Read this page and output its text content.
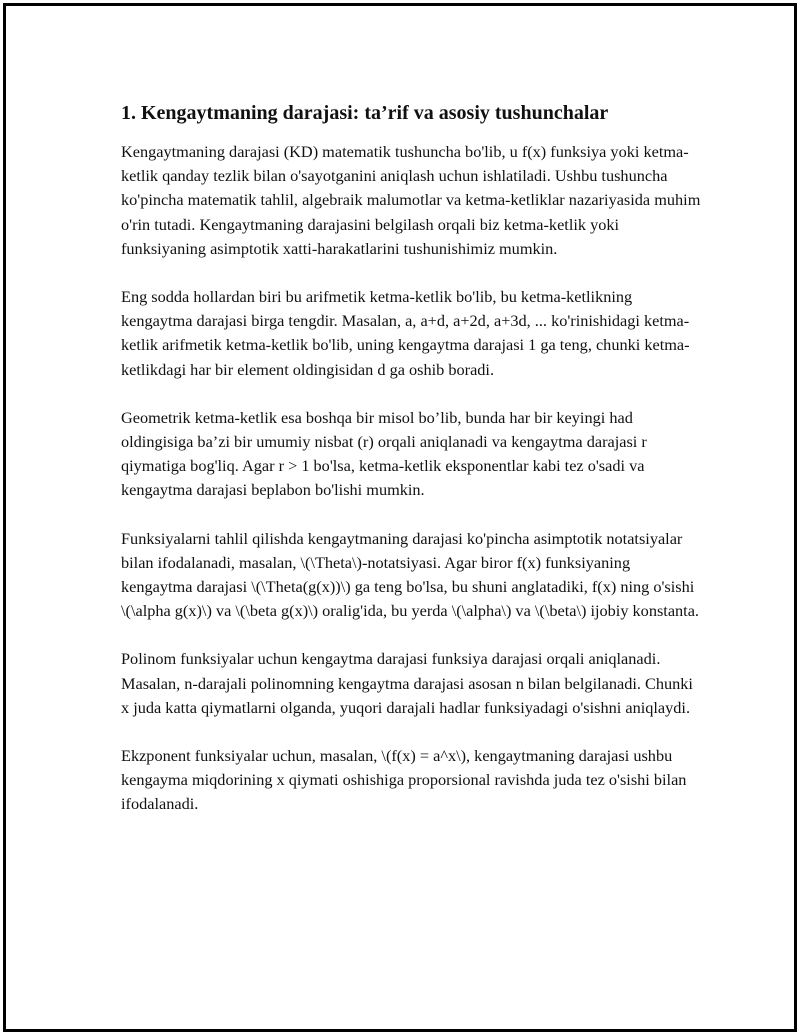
1. Kengaytmaning darajasi: ta’rif va asosiy tushunchalar

Kengaytmaning darajasi (KD) matematik tushuncha bo'lib, u f(x) funksiya yoki ketma-ketlik qanday tezlik bilan o'sayotganini aniqlash uchun ishlatiladi. Ushbu tushuncha ko'pincha matematik tahlil, algebraik malumotlar va ketma-ketliklar nazariyasida muhim o'rin tutadi. Kengaytmaning darajasini belgilash orqali biz ketma-ketlik yoki funksiyaning asimptotik xatti-harakatlarini tushunishimiz mumkin.

Eng sodda hollardan biri bu arifmetik ketma-ketlik bo'lib, bu ketma-ketlikning kengaytma darajasi birga tengdir. Masalan, a, a+d, a+2d, a+3d, ... ko'rinishidagi ketma-ketlik arifmetik ketma-ketlik bo'lib, uning kengaytma darajasi 1 ga teng, chunki ketma-ketlikdagi har bir element oldingisidan d ga oshib boradi.

Geometrik ketma-ketlik esa boshqa bir misol bo’lib, bunda har bir keyingi had oldingisiga ba’zi bir umumiy nisbat (r) orqali aniqlanadi va kengaytma darajasi r qiymatiga bog'liq. Agar r > 1 bo'lsa, ketma-ketlik eksponentlar kabi tez o'sadi va kengaytma darajasi beplabon bo'lishi mumkin.

Funksiyalarni tahlil qilishda kengaytmaning darajasi ko'pincha asimptotik notatsiyalar bilan ifodalanadi, masalan, \(\Theta\)-notatsiyasi. Agar biror f(x) funksiyaning kengaytma darajasi \(\Theta(g(x))\) ga teng bo'lsa, bu shuni anglatadiki, f(x) ning o'sishi \(\alpha g(x)\) va \(\beta g(x)\) oralig'ida, bu yerda \(\alpha\) va \(\beta\) ijobiy konstanta.

Polinom funksiyalar uchun kengaytma darajasi funksiya darajasi orqali aniqlanadi. Masalan, n-darajali polinomning kengaytma darajasi asosan n bilan belgilanadi. Chunki x juda katta qiymatlarni olganda, yuqori darajali hadlar funksiyadagi o'sishni aniqlaydi.

Ekzponent funksiyalar uchun, masalan, \(f(x) = a^x\), kengaytmaning darajasi ushbu kengayma miqdorining x qiymati oshishiga proporsional ravishda juda tez o'sishi bilan ifodalanadi.
